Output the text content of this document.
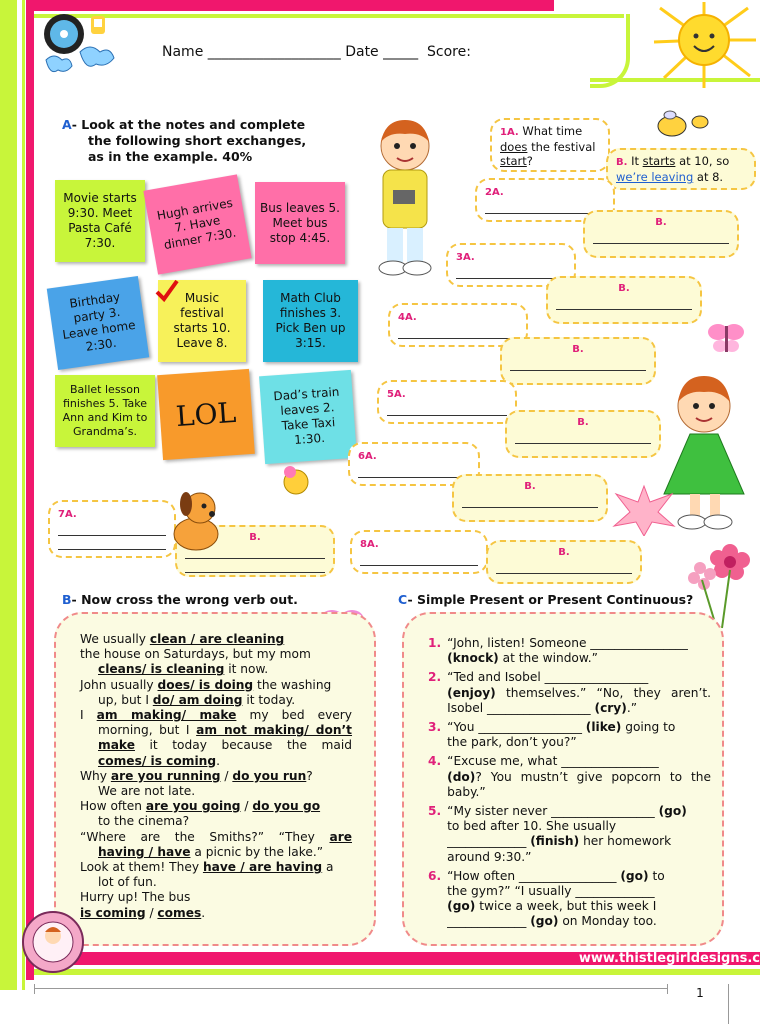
www.thistlegirldesigns.c
1
Name ___________________ Date _____  Score:
A- Look at the notes and complete
the following short exchanges,
as in the example. 40%
Movie starts 9:30. Meet Pasta Café 7:30.
Hugh arrives 7. Have dinner 7:30.
Bus leaves 5. Meet bus stop 4:45.
Birthday party 3. Leave home 2:30.
Music festival starts 10. Leave 8.
Math Club finishes 3. Pick Ben up 3:15.
Ballet lesson finishes 5. Take Ann and Kim to Grandma’s.	LOL
Dad’s train leaves 2. Take Taxi 1:30.
1A. What time
does the festival
start?	B. It starts at 10, so
we’re leaving at 8.
2A.
B.
3A.
B.
4A.
B.
5A.
B.
6A.
B.
7A.
B.
8A.
B.
B- Now cross the wrong verb out.	C- Simple Present or Present Continuous?
We usually clean / are cleaning
the house on Saturdays, but my mom
cleans/ is cleaning it now.
John usually does/ is doing the washing
up, but I do/ am doing it today.
I am making/ make my bed every
morning, but I am not making/ don’t
make it today because the maid
comes/ is coming.
Why are you running / do you run?
We are not late.
How often are you going / do you go
to the cinema?
“Where are the Smiths?” “They are
having / have a picnic by the lake.”
Look at them! They have / are having a
lot of fun.
Hurry up! The bus
is coming / comes.
1. “John, listen! Someone ________________
(knock) at the window.”
2. “Ted and Isobel _________________
(enjoy) themselves.” “No, they aren’t.
Isobel _________________ (cry).”
3. “You _________________ (like) going to
the park, don’t you?”
4. “Excuse me, what ________________
(do)? You mustn’t give popcorn to the
baby.”
5. “My sister never _________________ (go)
to bed after 10. She usually
_____________ (finish) her homework
around 9:30.”
6. “How often ________________ (go) to
the gym?” “I usually _____________
(go) twice a week, but this week I
_____________ (go) on Monday too.
